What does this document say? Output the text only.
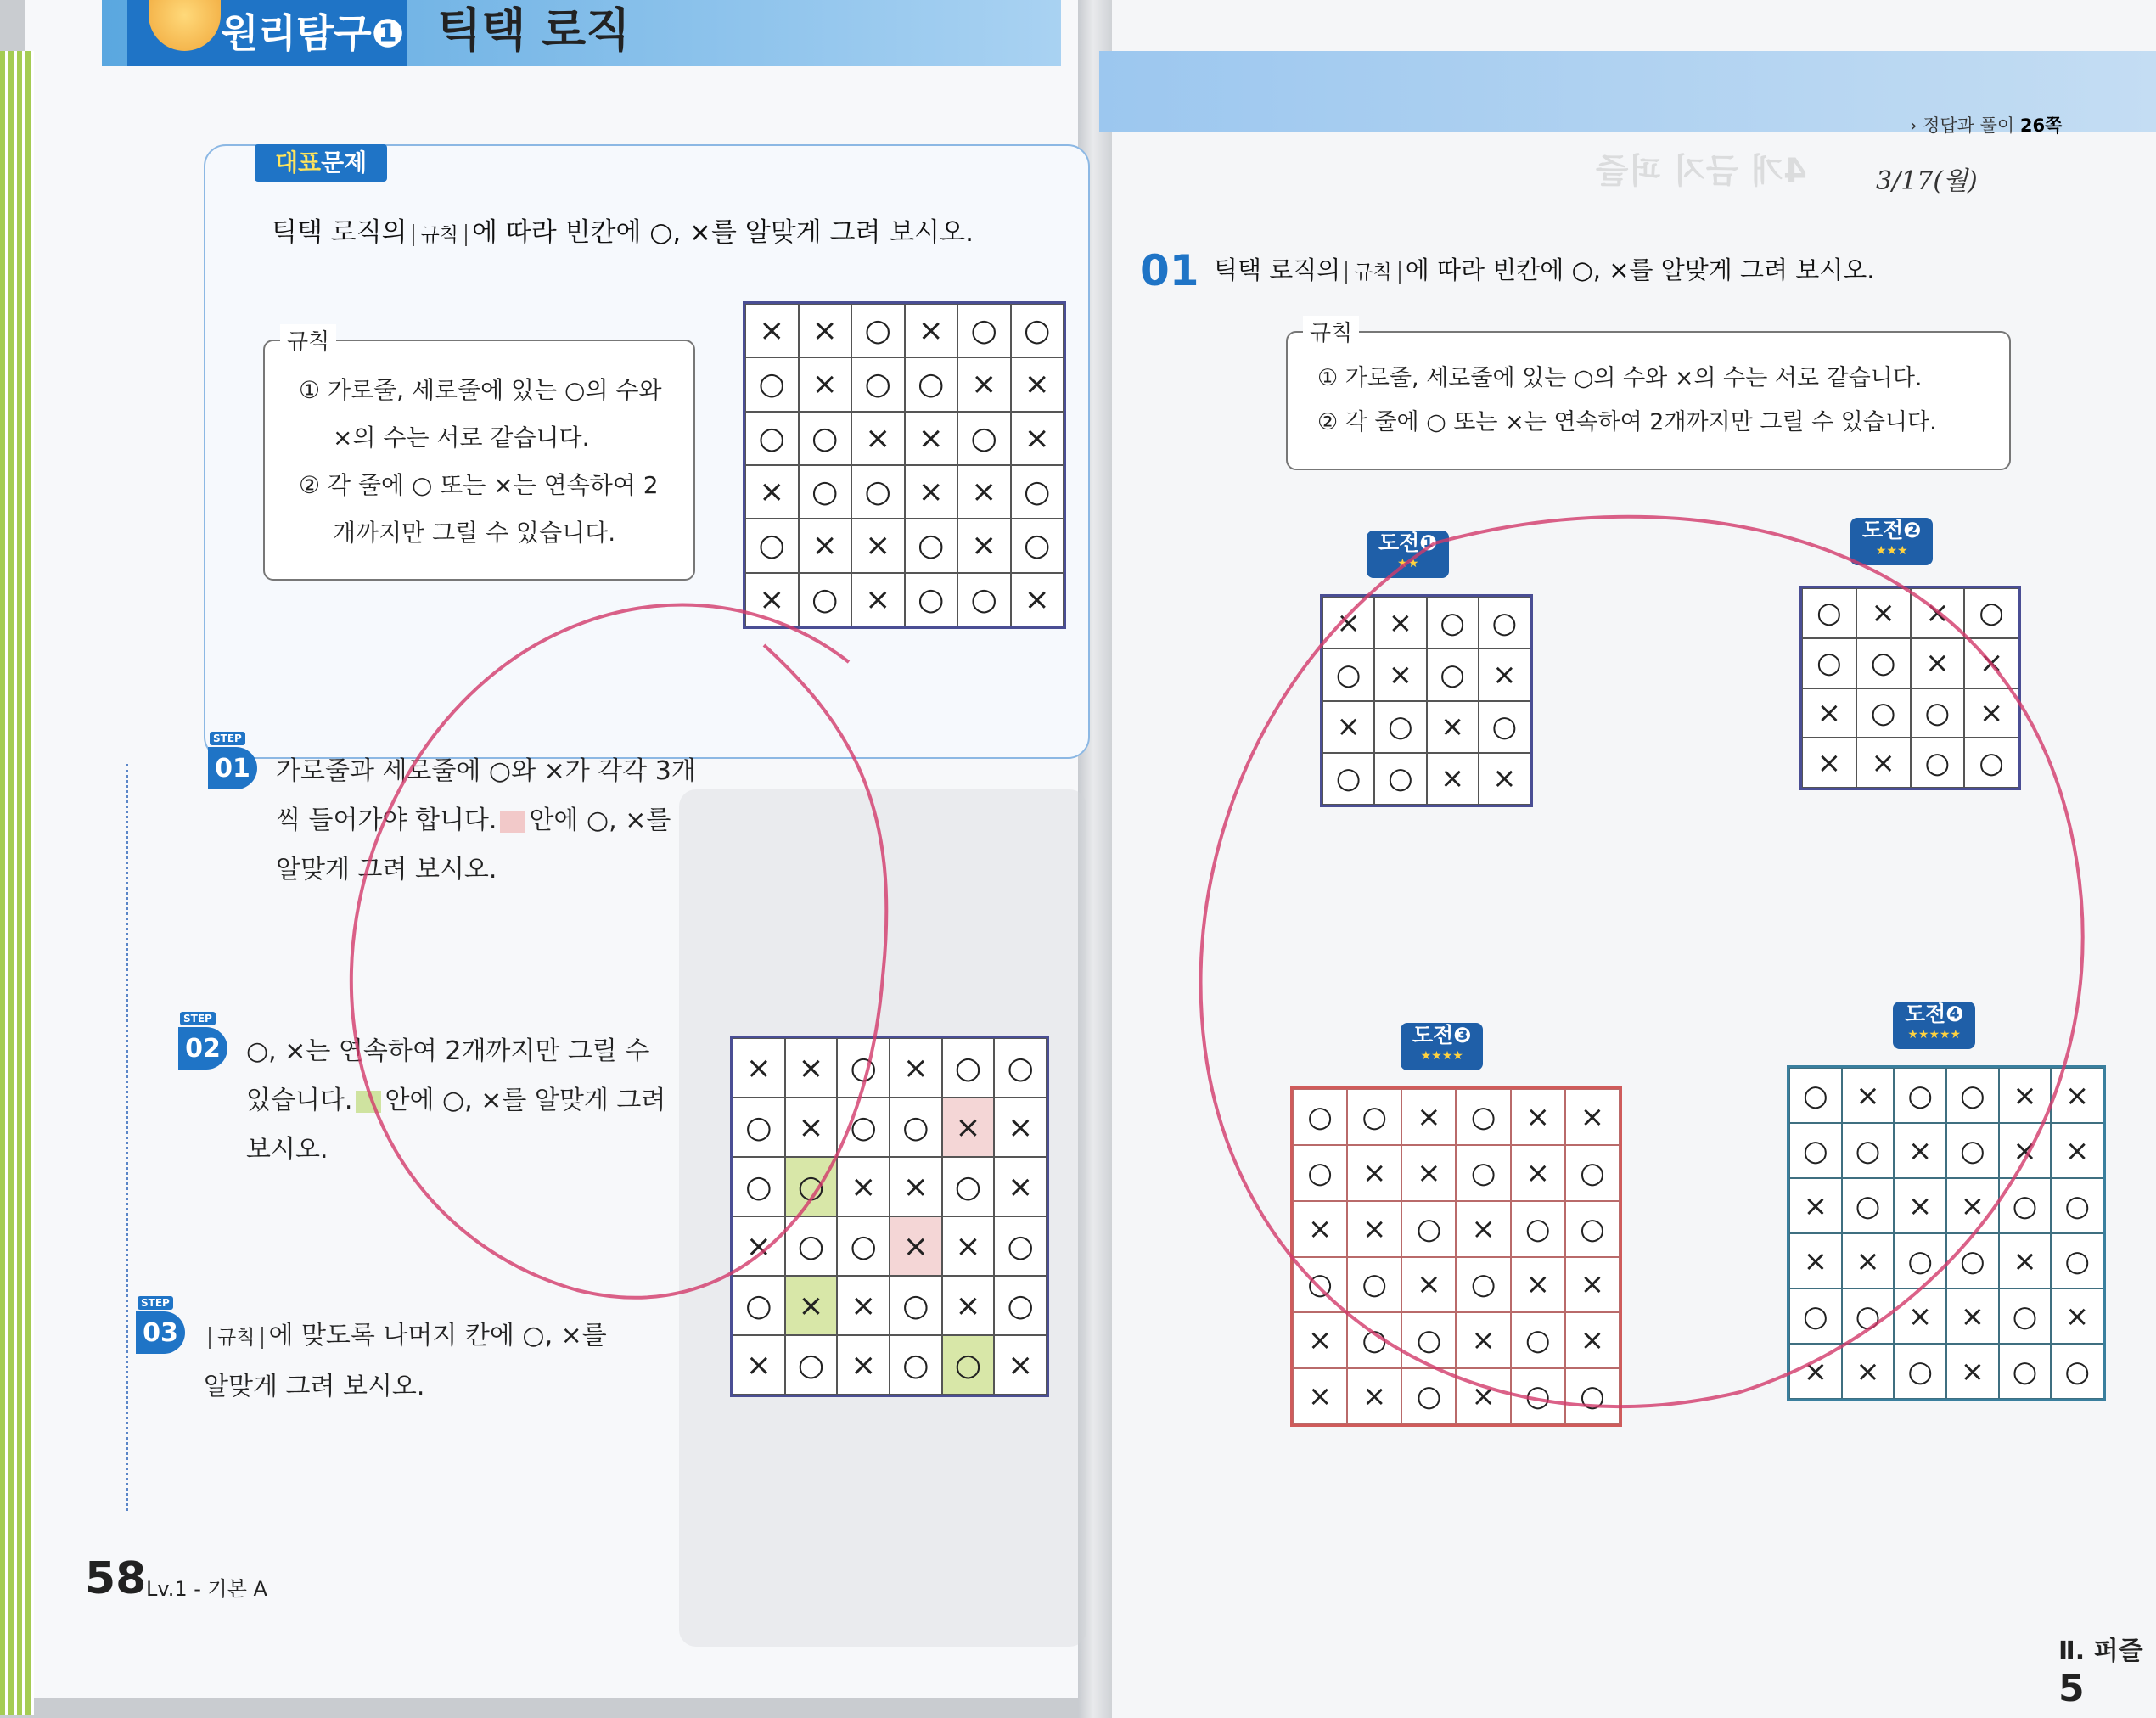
4개 금지 퍼즐
원리탐구❶ 틱택 로직
대표문제
틱택 로직의 규칙 에 따라 빈칸에 ○, ×를 알맞게 그려 보시오.
규칙
① 가로줄, 세로줄에 있는 ○의 수와
×의 수는 서로 같습니다.
② 각 줄에 ○ 또는 ×는 연속하여 2
개까지만 그릴 수 있습니다.
× × ○ × ○ ○
○ × ○ ○ × ×
○ ○ × × ○ ×
× ○ ○ × × ○
○ × × ○ × ○
× ○ × ○ ○ ×
STEP
01 가로줄과 세로줄에 ○와 ×가 각각 3개
씩 들어가야 합니다. 안에 ○, ×를
알맞게 그려 보시오.
STEP
02 ○, ×는 연속하여 2개까지만 그릴 수
있습니다. 안에 ○, ×를 알맞게 그려
보시오.
STEP
03	규칙 에 맞도록 나머지 칸에 ○, ×를
알맞게 그려 보시오.
× × ○ × ○ ○
○ × ○ ○ × ×
○ ○ × × ○ ×
× ○ ○ × × ○
○ × × ○ × ○
× ○ × ○ ○ ×
58 Lv.1 - 기본 A
› 정답과 풀이 26쪽
3/17(월)
01 틱택 로직의 규칙 에 따라 빈칸에 ○, ×를 알맞게 그려 보시오.
규칙
① 가로줄, 세로줄에 있는 ○의 수와 ×의 수는 서로 같습니다.
② 각 줄에 ○ 또는 ×는 연속하여 2개까지만 그릴 수 있습니다.
도전❶
★★
× × ○ ○
○ × ○ ×
× ○ × ○
○ ○ × ×
도전❷
★★★
○	×	×	○
○	○	×	×
×	○	○	×
×	×	○	○
도전❸
★★★★
○	○	×	○	×	×
○	×	×	○	×	○
×	×	○	×	○	○
○	○	×	○	×	×
×	○	○	×	○	×
×	×	○	×	○	○
도전❹
★★★★★
○ × ○ ○ × ×
○ ○ × ○ × ×
× ○ × × ○ ○
× × ○ ○ × ○
○ ○ × × ○ ×
× × ○ × ○ ○
Ⅱ. 퍼즐 5
